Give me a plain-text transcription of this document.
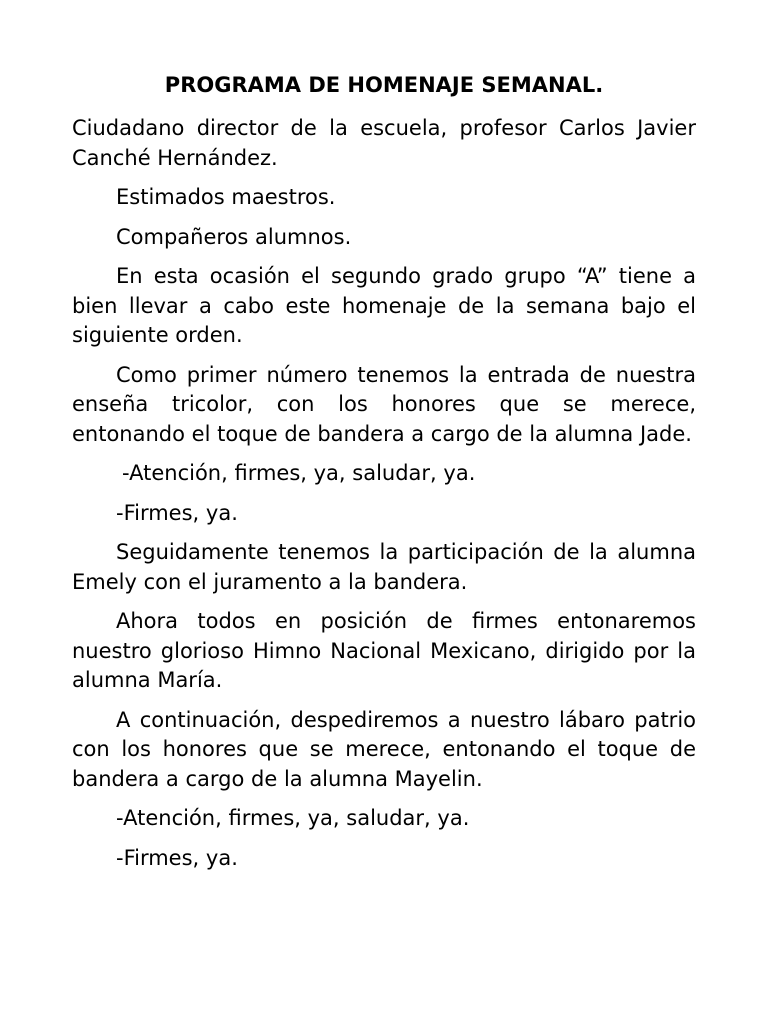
PROGRAMA DE HOMENAJE SEMANAL.

Ciudadano director de la escuela, profesor Carlos Javier Canché Hernández.

Estimados maestros.

Compañeros alumnos.

En esta ocasión el segundo grado grupo “A” tiene a bien llevar a cabo este homenaje de la semana bajo el siguiente orden.

Como primer número tenemos la entrada de nuestra enseña tricolor, con los honores que se merece, entonando el toque de bandera a cargo de la alumna Jade.

-Atención, firmes, ya, saludar, ya.

-Firmes, ya.

Seguidamente tenemos la participación de la alumna Emely con el juramento a la bandera.

Ahora todos en posición de firmes entonaremos nuestro glorioso Himno Nacional Mexicano, dirigido por la alumna María.

A continuación, despediremos a nuestro lábaro patrio con los honores que se merece, entonando el toque de bandera a cargo de la alumna Mayelin.

-Atención, firmes, ya, saludar, ya.

-Firmes, ya.
